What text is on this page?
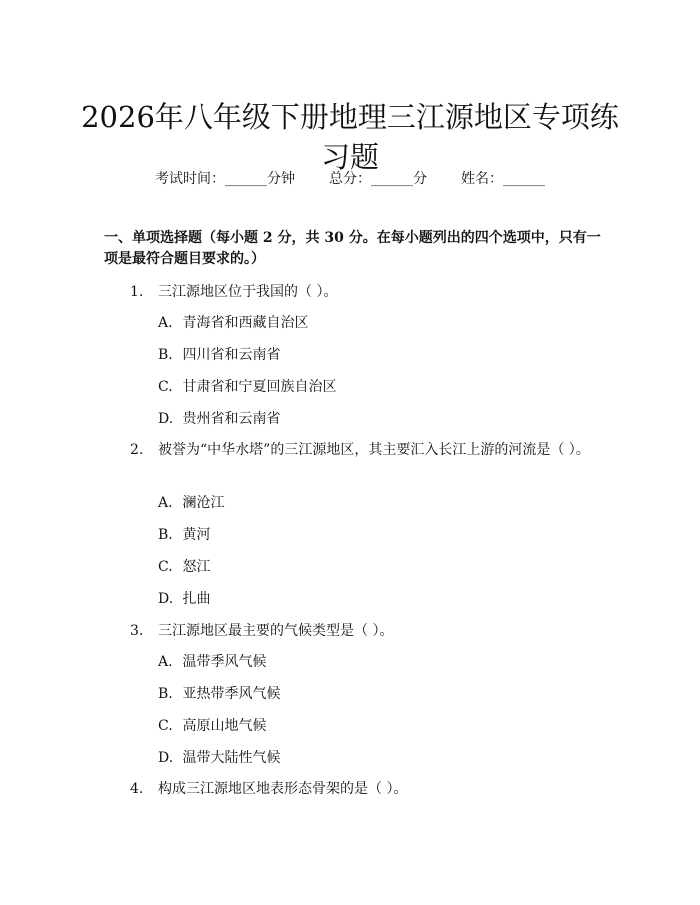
2026年八年级下册地理三江源地区专项练习题
考试时间：______分钟 总分：______分 姓名：______
一、单项选择题（每小题 2 分，共 30 分。在每小题列出的四个选项中，只有一项是最符合题目要求的。）
1. 三江源地区位于我国的（ ）。
A. 青海省和西藏自治区
B. 四川省和云南省
C. 甘肃省和宁夏回族自治区
D. 贵州省和云南省
2. 被誉为“中华水塔”的三江源地区，其主要汇入长江上游的河流是（ ）。
A. 澜沧江
B. 黄河
C. 怒江
D. 扎曲
3. 三江源地区最主要的气候类型是（ ）。
A. 温带季风气候
B. 亚热带季风气候
C. 高原山地气候
D. 温带大陆性气候
4. 构成三江源地区地表形态骨架的是（ ）。
